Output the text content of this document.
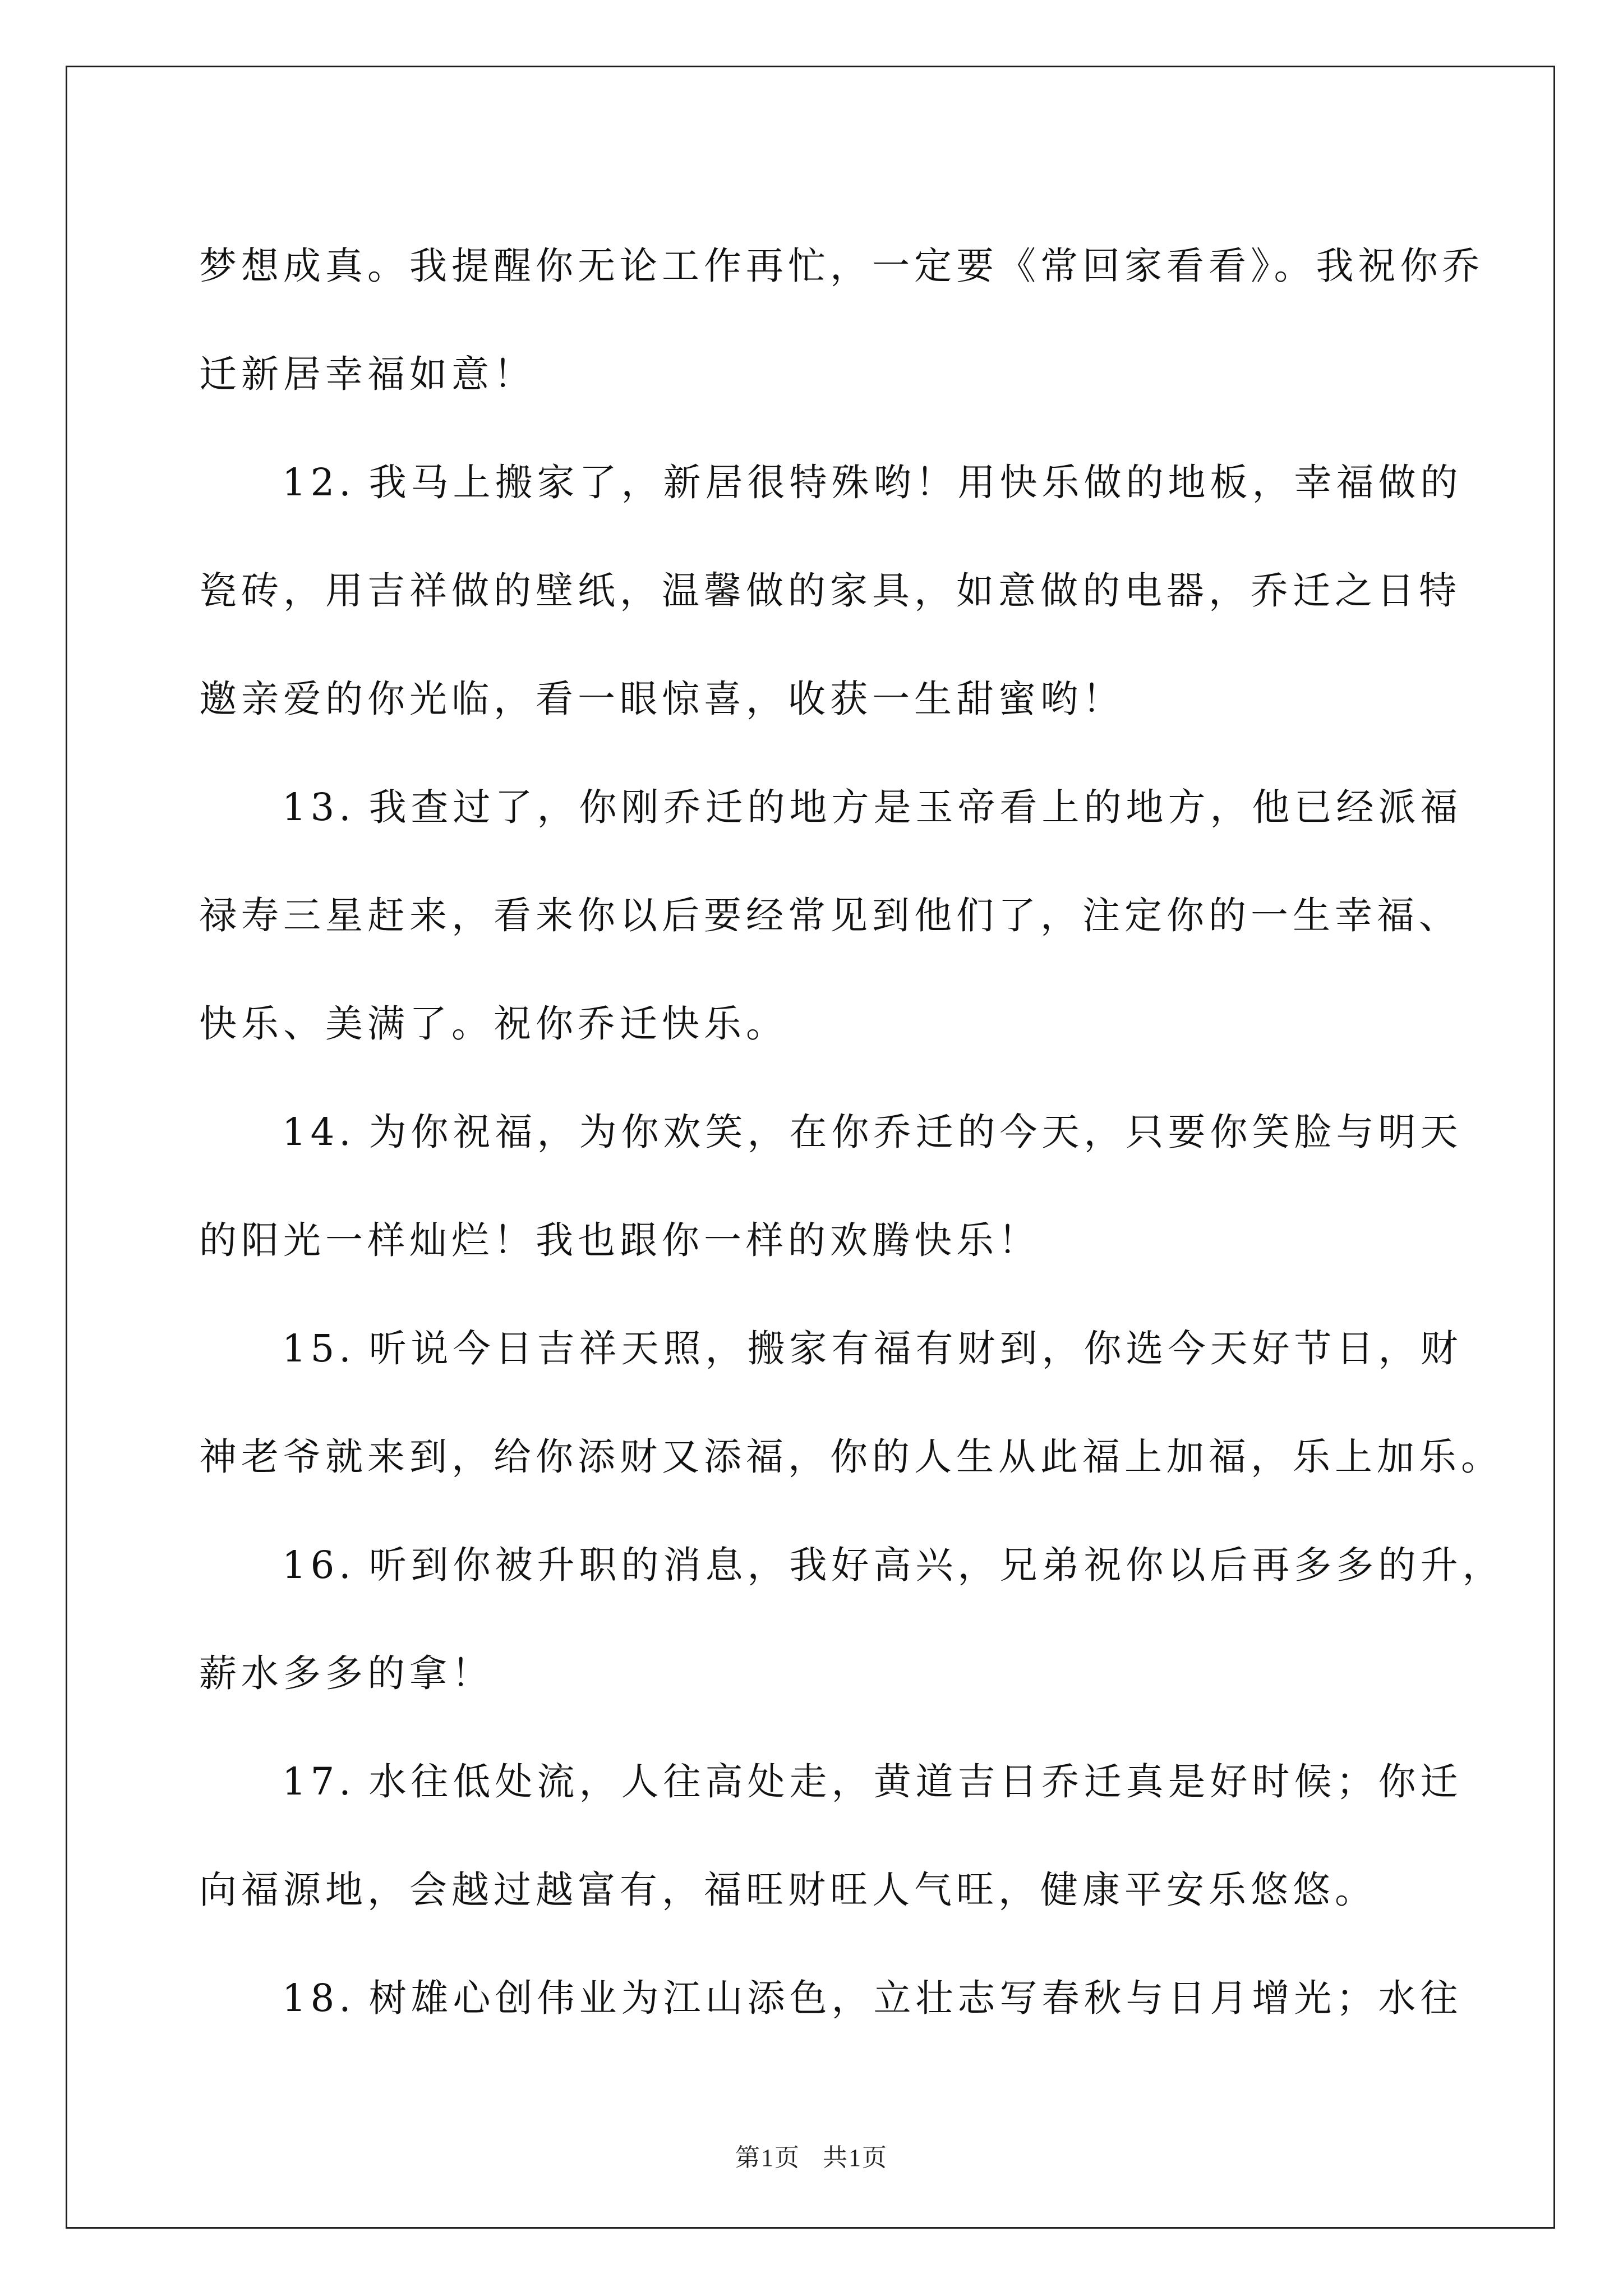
梦想成真。我提醒你无论工作再忙，一定要《常回家看看》。我祝你乔
迁新居幸福如意！

12. 我马上搬家了，新居很特殊哟！用快乐做的地板，幸福做的
瓷砖，用吉祥做的壁纸，温馨做的家具，如意做的电器，乔迁之日特
邀亲爱的你光临，看一眼惊喜，收获一生甜蜜哟！

13. 我查过了，你刚乔迁的地方是玉帝看上的地方，他已经派福
禄寿三星赶来，看来你以后要经常见到他们了，注定你的一生幸福、
快乐、美满了。祝你乔迁快乐。

14. 为你祝福，为你欢笑，在你乔迁的今天，只要你笑脸与明天
的阳光一样灿烂！我也跟你一样的欢腾快乐！

15. 听说今日吉祥天照，搬家有福有财到，你选今天好节日，财
神老爷就来到，给你添财又添福，你的人生从此福上加福，乐上加乐。

16. 听到你被升职的消息，我好高兴，兄弟祝你以后再多多的升，
薪水多多的拿！

17. 水往低处流，人往高处走，黄道吉日乔迁真是好时候；你迁
向福源地，会越过越富有，福旺财旺人气旺，健康平安乐悠悠。

18. 树雄心创伟业为江山添色，立壮志写春秋与日月增光；水往

第1页 共1页
